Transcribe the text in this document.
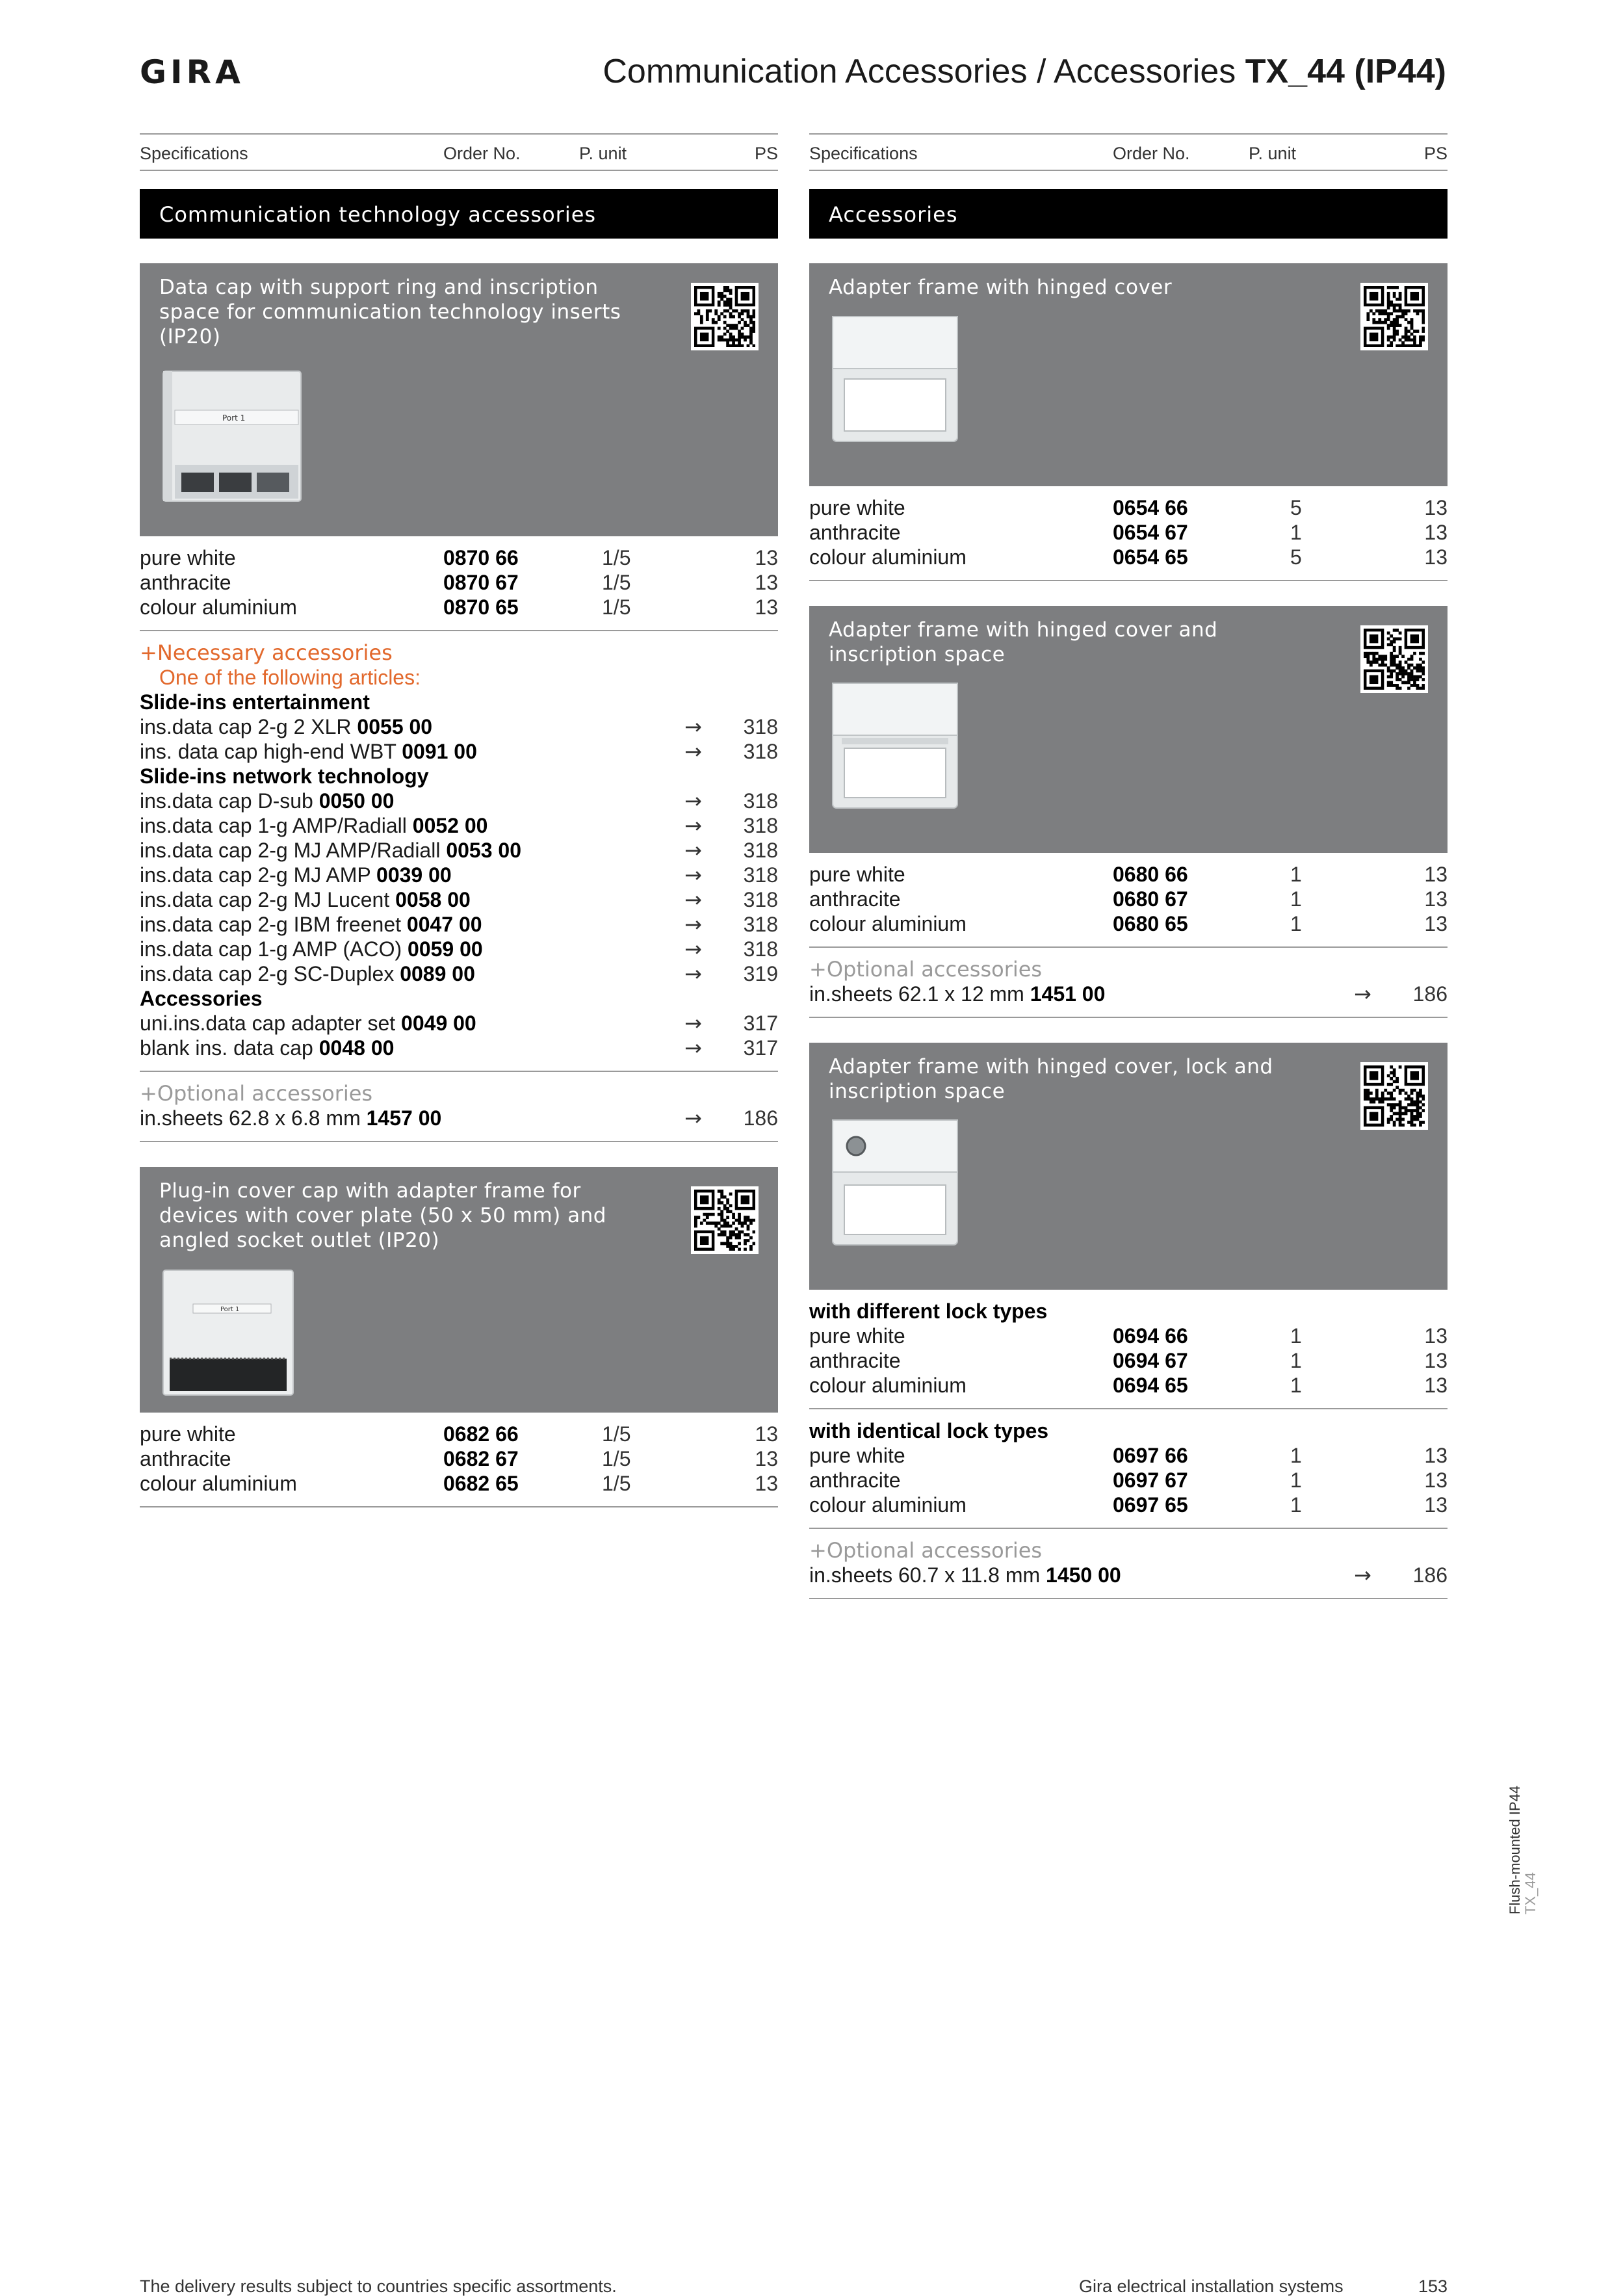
GIRA	Communication Accessories / Accessories TX_44 (IP44)
Specifications	Order No.	P. unit	PS
Communication technology accessories
Data cap with support ring and inscription space for communication technology inserts (IP20)
Port 1
pure white	0870 66	1/5	13
anthracite	0870 67	1/5	13
colour aluminium	0870 65	1/5	13
+Necessary accessories
One of the following articles:
Slide-ins entertainment
ins.data cap 2-g 2 XLR 0055 00	→ 318
ins. data cap high-end WBT 0091 00	→ 318
Slide-ins network technology
ins.data cap D-sub 0050 00	→ 318
ins.data cap 1-g AMP/Radiall 0052 00	→ 318
ins.data cap 2-g MJ AMP/Radiall 0053 00	→ 318
ins.data cap 2-g MJ AMP 0039 00	→ 318
ins.data cap 2-g MJ Lucent 0058 00	→ 318
ins.data cap 2-g IBM freenet 0047 00	→ 318
ins.data cap 1-g AMP (ACO) 0059 00	→ 318
ins.data cap 2-g SC-Duplex 0089 00	→ 319
Accessories
uni.ins.data cap adapter set 0049 00	→ 317
blank ins. data cap 0048 00	→ 317
+Optional accessories
in.sheets 62.8 x 6.8 mm 1457 00	→ 186
Plug-in cover cap with adapter frame for devices with cover plate (50 x 50 mm) and angled socket outlet (IP20)
Port 1
pure white	0682 66	1/5	13
anthracite	0682 67	1/5	13
colour aluminium	0682 65	1/5	13
Specifications	Order No.	P. unit	PS
Accessories
Adapter frame with hinged cover
pure white	0654 66	5	13
anthracite	0654 67	1	13
colour aluminium	0654 65	5	13
Adapter frame with hinged cover and inscription space
pure white	0680 66	1	13
anthracite	0680 67	1	13
colour aluminium	0680 65	1	13
+Optional accessories
in.sheets 62.1 x 12 mm 1451 00	→ 186
Adapter frame with hinged cover, lock and inscription space
with different lock types
pure white	0694 66	1	13
anthracite	0694 67	1	13
colour aluminium	0694 65	1	13
with identical lock types
pure white	0697 66	1	13
anthracite	0697 67	1	13
colour aluminium	0697 65	1	13
+Optional accessories
in.sheets 60.7 x 11.8 mm 1450 00	→ 186
Flush-mounted IP44 TX_44
The delivery results subject to countries specific assortments.	Gira electrical installation systems	153
